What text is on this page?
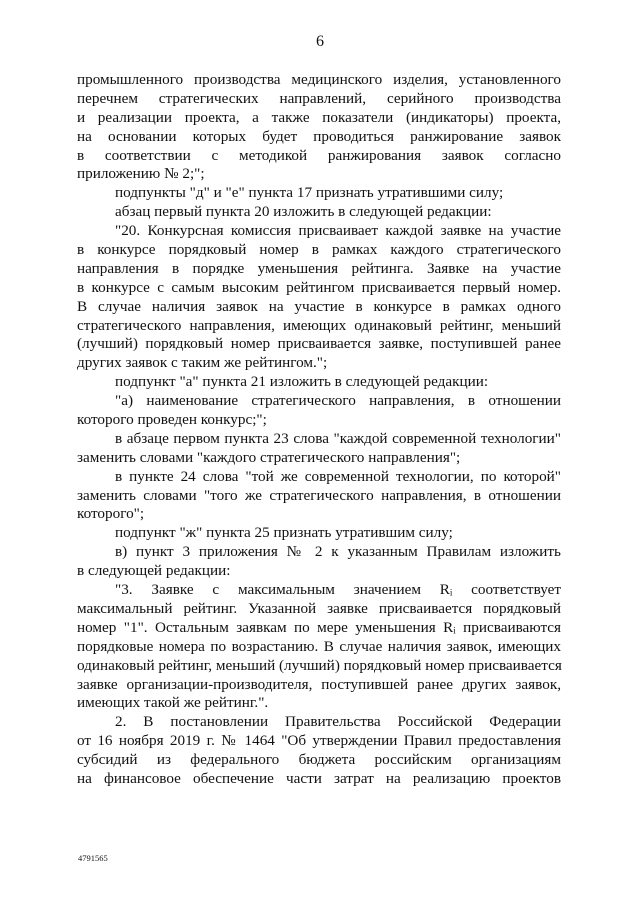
6
промышленного производства медицинского изделия, установленного
перечнем стратегических направлений, серийного производства
и реализации проекта, а также показатели (индикаторы) проекта,
на основании которых будет проводиться ранжирование заявок
в соответствии с методикой ранжирования заявок согласно
приложению № 2;";
подпункты "д" и "е" пункта 17 признать утратившими силу;
абзац первый пункта 20 изложить в следующей редакции:
"20. Конкурсная комиссия присваивает каждой заявке на участие
в конкурсе порядковый номер в рамках каждого стратегического
направления в порядке уменьшения рейтинга. Заявке на участие
в конкурсе с самым высоким рейтингом присваивается первый номер.
В случае наличия заявок на участие в конкурсе в рамках одного
стратегического направления, имеющих одинаковый рейтинг, меньший
(лучший) порядковый номер присваивается заявке, поступившей ранее
других заявок с таким же рейтингом.";
подпункт "а" пункта 21 изложить в следующей редакции:
"а) наименование стратегического направления, в отношении
которого проведен конкурс;";
в абзаце первом пункта 23 слова "каждой современной технологии"
заменить словами "каждого стратегического направления";
в пункте 24 слова "той же современной технологии, по которой"
заменить словами "того же стратегического направления, в отношении
которого";
подпункт "ж" пункта 25 признать утратившим силу;
в) пункт 3 приложения № 2 к указанным Правилам изложить
в следующей редакции:
"3. Заявке с максимальным значением Rᵢ соответствует
максимальный рейтинг. Указанной заявке присваивается порядковый
номер "1". Остальным заявкам по мере уменьшения Rᵢ присваиваются
порядковые номера по возрастанию. В случае наличия заявок, имеющих
одинаковый рейтинг, меньший (лучший) порядковый номер присваивается
заявке организации-производителя, поступившей ранее других заявок,
имеющих такой же рейтинг.".
2. В постановлении Правительства Российской Федерации
от 16 ноября 2019 г. № 1464 "Об утверждении Правил предоставления
субсидий из федерального бюджета российским организациям
на финансовое обеспечение части затрат на реализацию проектов
4791565
